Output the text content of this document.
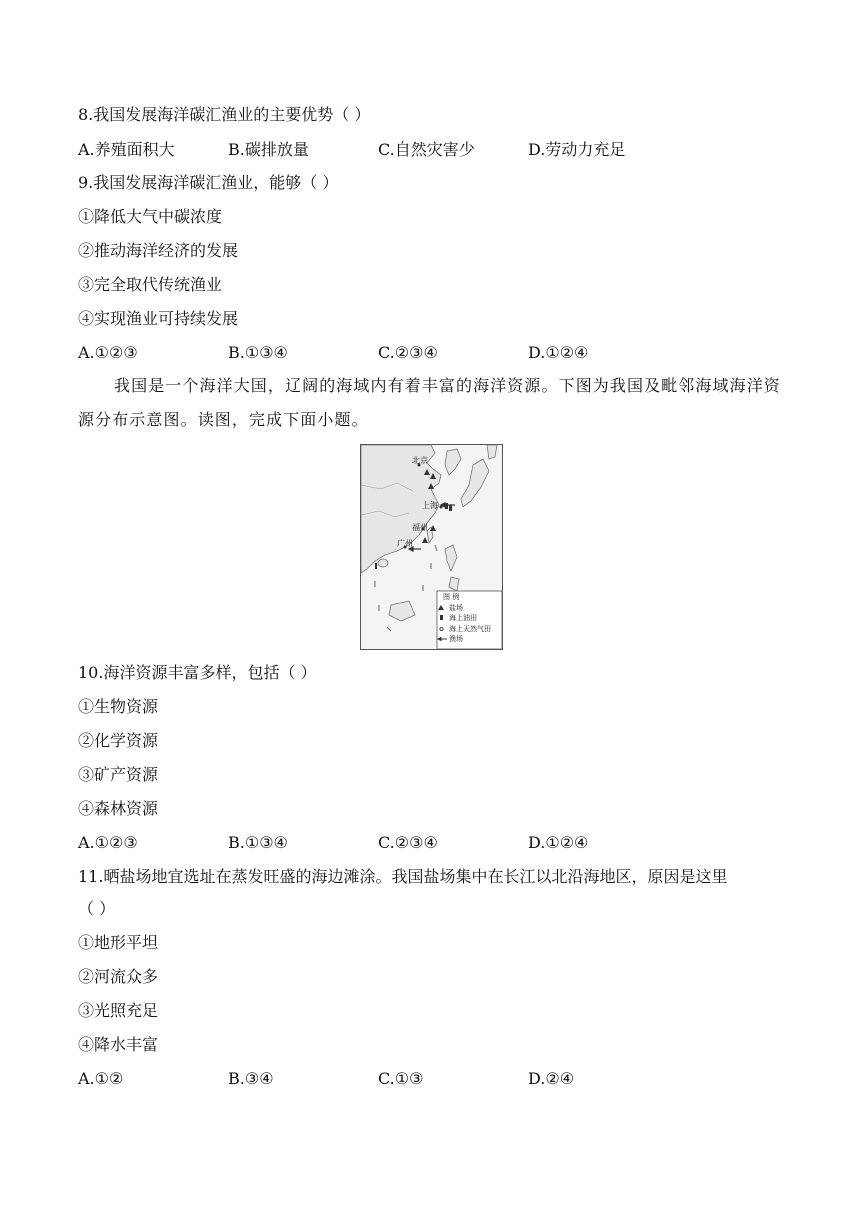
8.我国发展海洋碳汇渔业的主要优势（ ）
A.养殖面积大	B.碳排放量	C.自然灾害少	D.劳动力充足
9.我国发展海洋碳汇渔业，能够（ ）
①降低大气中碳浓度
②推动海洋经济的发展
③完全取代传统渔业
④实现渔业可持续发展
A.①②③	B.①③④	C.②③④	D.①②④
我国是一个海洋大国，辽阔的海域内有着丰富的海洋资源。下图为我国及毗邻海域海洋资源分布示意图。读图，完成下面小题。
北京
上海
福州
广州
图 例
盐场
海上油田
海上天然气田
渔场
10.海洋资源丰富多样，包括（ ）
①生物资源
②化学资源
③矿产资源
④森林资源
A.①②③	B.①③④	C.②③④	D.①②④
11.晒盐场地宜选址在蒸发旺盛的海边滩涂。我国盐场集中在长江以北沿海地区，原因是这里
（ ）
①地形平坦
②河流众多
③光照充足
④降水丰富
A.①②	B.③④	C.①③	D.②④
